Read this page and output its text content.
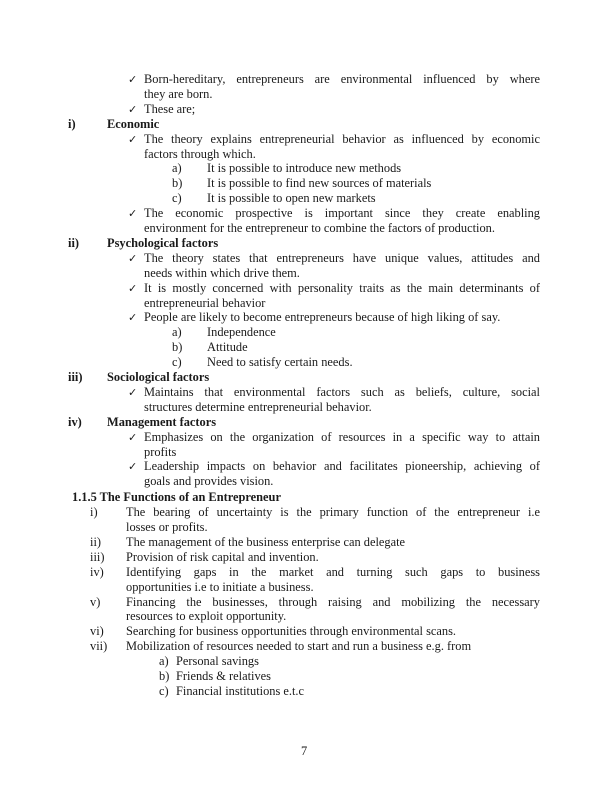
✓ Born-hereditary, entrepreneurs are environmental influenced by where
they are born.
✓ These are;
i)	Economic
✓ The theory explains entrepreneurial behavior as influenced by economic
factors through which.
a) It is possible to introduce new methods
b) It is possible to find new sources of materials
c) It is possible to open new markets
✓ The economic prospective is important since they create enabling
environment for the entrepreneur to combine the factors of production.
ii) Psychological factors
✓ The theory states that entrepreneurs have unique values, attitudes and
needs within which drive them.
✓ It is mostly concerned with personality traits as the main determinants of
entrepreneurial behavior
✓ People are likely to become entrepreneurs because of high liking of say.
a) Independence
b) Attitude
c) Need to satisfy certain needs.
iii) Sociological factors
✓ Maintains that environmental factors such as beliefs, culture, social
structures determine entrepreneurial behavior.
iv) Management factors
✓ Emphasizes on the organization of resources in a specific way to attain
profits
✓ Leadership impacts on behavior and facilitates pioneership, achieving of
goals and provides vision.
1.1.5 The Functions of an Entrepreneur
i) The bearing of uncertainty is the primary function of the entrepreneur i.e
losses or profits.
ii) The management of the business enterprise can delegate
iii) Provision of risk capital and invention.
iv) Identifying gaps in the market and turning such gaps to business
opportunities i.e to initiate a business.
v) Financing the businesses, through raising and mobilizing the necessary
resources to exploit opportunity.
vi) Searching for business opportunities through environmental scans.
vii) Mobilization of resources needed to start and run a business e.g. from
a) Personal savings
b) Friends & relatives
c) Financial institutions e.t.c
7
